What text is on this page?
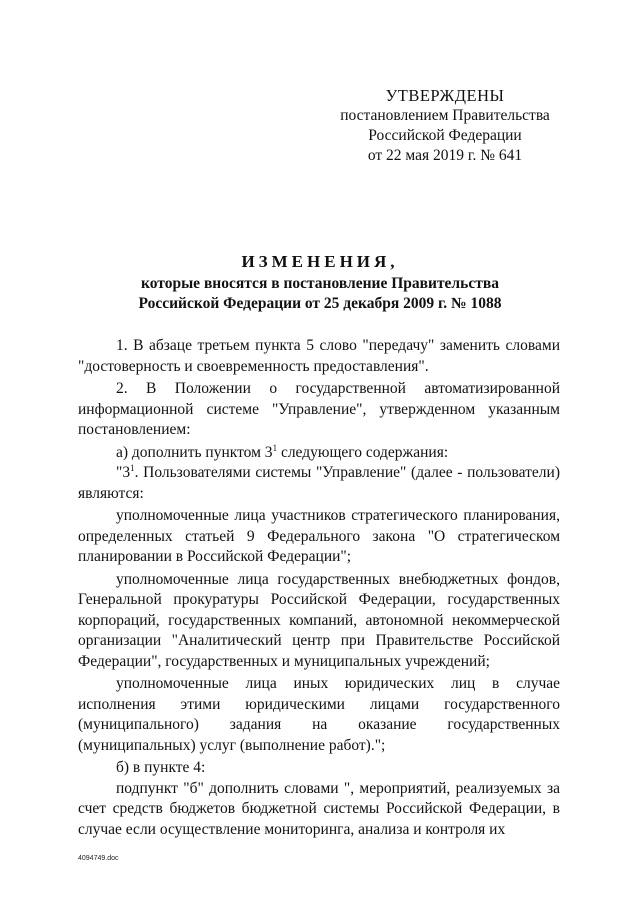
УТВЕРЖДЕНЫ
постановлением Правительства
Российской Федерации
от 22 мая 2019 г. № 641
ИЗМЕНЕНИЯ,
которые вносятся в постановление Правительства
Российской Федерации от 25 декабря 2009 г. № 1088

1. В абзаце третьем пункта 5 слово "передачу" заменить словами "достоверность и своевременность предоставления".

2. В Положении о государственной автоматизированной информационной системе "Управление", утвержденном указанным постановлением:

а) дополнить пунктом $3^1$ следующего содержания:

"$3^1$. Пользователями системы "Управление" (далее - пользователи) являются:

уполномоченные лица участников стратегического планирования, определенных статьей 9 Федерального закона "О стратегическом планировании в Российской Федерации";

уполномоченные лица государственных внебюджетных фондов, Генеральной прокуратуры Российской Федерации, государственных корпораций, государственных компаний, автономной некоммерческой организации "Аналитический центр при Правительстве Российской Федерации", государственных и муниципальных учреждений;

уполномоченные лица иных юридических лиц в случае исполнения этими юридическими лицами государственного (муниципального) задания на оказание государственных (муниципальных) услуг (выполнение работ).";

б) в пункте 4:

подпункт "б" дополнить словами ", мероприятий, реализуемых за счет средств бюджетов бюджетной системы Российской Федерации, в случае если осуществление мониторинга, анализа и контроля их

4094749.doc
